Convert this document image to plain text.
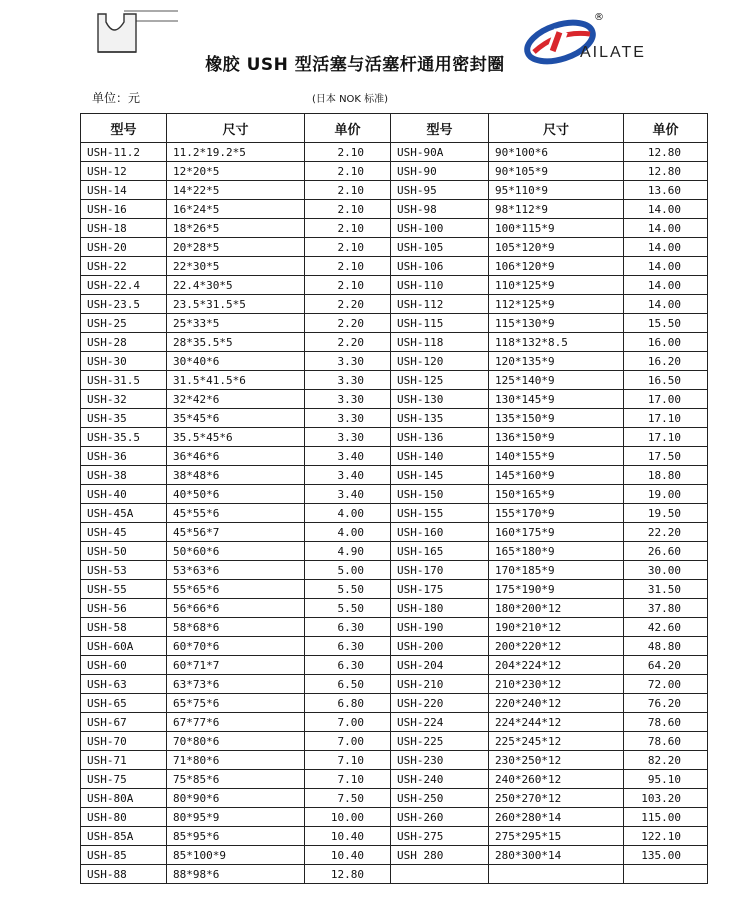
橡胶 USH 型活塞与活塞杆通用密封圈
®
AILATE
单位：元	(日本 NOK 标准)
型号	尺寸	单价	型号	尺寸	单价
USH-11.2	11.2*19.2*5	2.10	USH-90A	90*100*6	12.80
USH-12	12*20*5	2.10	USH-90	90*105*9	12.80
USH-14	14*22*5	2.10	USH-95	95*110*9	13.60
USH-16	16*24*5	2.10	USH-98	98*112*9	14.00
USH-18	18*26*5	2.10	USH-100	100*115*9	14.00
USH-20	20*28*5	2.10	USH-105	105*120*9	14.00
USH-22	22*30*5	2.10	USH-106	106*120*9	14.00
USH-22.4	22.4*30*5	2.10	USH-110	110*125*9	14.00
USH-23.5	23.5*31.5*5	2.20	USH-112	112*125*9	14.00
USH-25	25*33*5	2.20	USH-115	115*130*9	15.50
USH-28	28*35.5*5	2.20	USH-118	118*132*8.5	16.00
USH-30	30*40*6	3.30	USH-120	120*135*9	16.20
USH-31.5	31.5*41.5*6	3.30	USH-125	125*140*9	16.50
USH-32	32*42*6	3.30	USH-130	130*145*9	17.00
USH-35	35*45*6	3.30	USH-135	135*150*9	17.10
USH-35.5	35.5*45*6	3.30	USH-136	136*150*9	17.10
USH-36	36*46*6	3.40	USH-140	140*155*9	17.50
USH-38	38*48*6	3.40	USH-145	145*160*9	18.80
USH-40	40*50*6	3.40	USH-150	150*165*9	19.00
USH-45A	45*55*6	4.00	USH-155	155*170*9	19.50
USH-45	45*56*7	4.00	USH-160	160*175*9	22.20
USH-50	50*60*6	4.90	USH-165	165*180*9	26.60
USH-53	53*63*6	5.00	USH-170	170*185*9	30.00
USH-55	55*65*6	5.50	USH-175	175*190*9	31.50
USH-56	56*66*6	5.50	USH-180	180*200*12	37.80
USH-58	58*68*6	6.30	USH-190	190*210*12	42.60
USH-60A	60*70*6	6.30	USH-200	200*220*12	48.80
USH-60	60*71*7	6.30	USH-204	204*224*12	64.20
USH-63	63*73*6	6.50	USH-210	210*230*12	72.00
USH-65	65*75*6	6.80	USH-220	220*240*12	76.20
USH-67	67*77*6	7.00	USH-224	224*244*12	78.60
USH-70	70*80*6	7.00	USH-225	225*245*12	78.60
USH-71	71*80*6	7.10	USH-230	230*250*12	82.20
USH-75	75*85*6	7.10	USH-240	240*260*12	95.10
USH-80A	80*90*6	7.50	USH-250	250*270*12	103.20
USH-80	80*95*9	10.00	USH-260	260*280*14	115.00
USH-85A	85*95*6	10.40	USH-275	275*295*15	122.10
USH-85	85*100*9	10.40	USH 280	280*300*14	135.00
USH-88	88*98*6	12.80			
